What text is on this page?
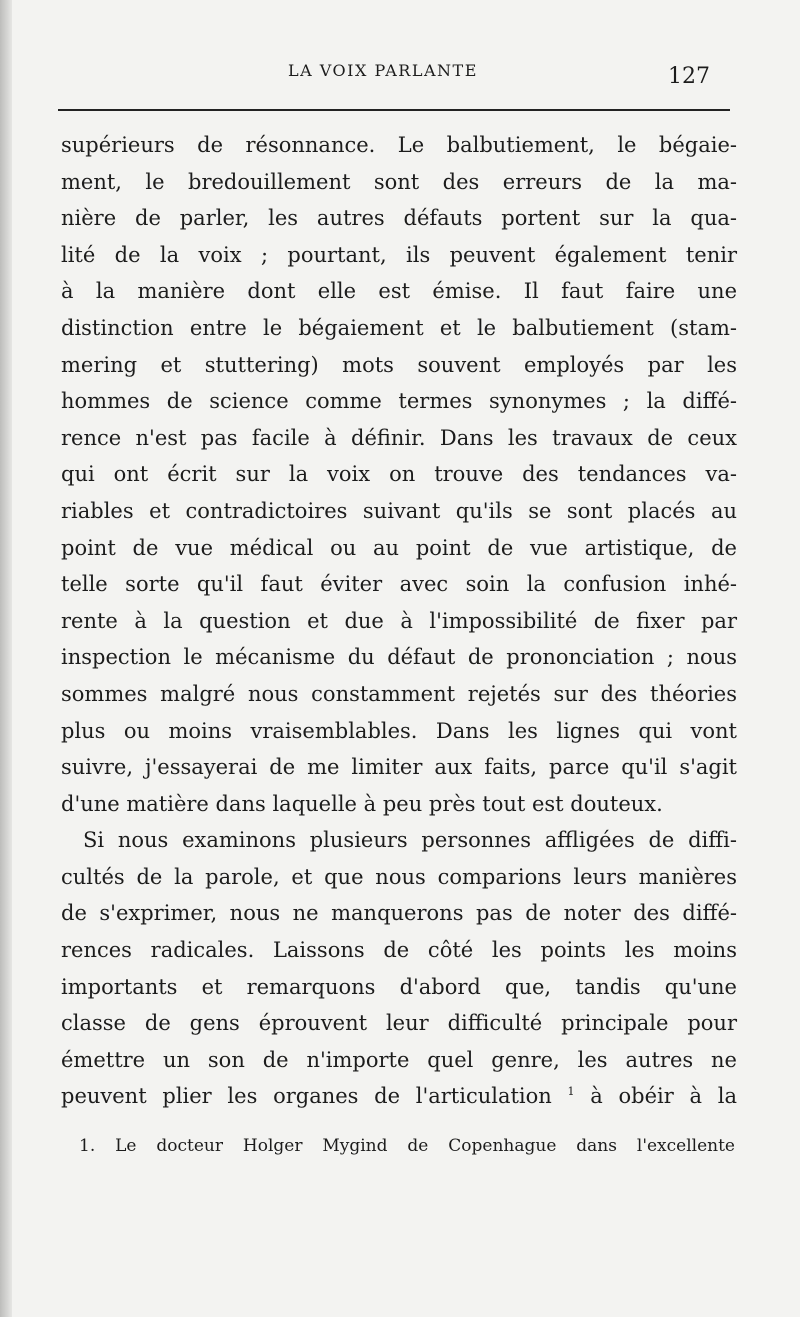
LA VOIX PARLANTE	127
supérieurs de résonnance. Le balbutiement, le bégaie-
ment, le bredouillement sont des erreurs de la ma-
nière de parler, les autres défauts portent sur la qua-
lité de la voix ; pourtant, ils peuvent également tenir
à la manière dont elle est émise. Il faut faire une
distinction entre le bégaiement et le balbutiement (stam-
mering et stuttering) mots souvent employés par les
hommes de science comme termes synonymes ; la diffé-
rence n'est pas facile à définir. Dans les travaux de ceux
qui ont écrit sur la voix on trouve des tendances va-
riables et contradictoires suivant qu'ils se sont placés au
point de vue médical ou au point de vue artistique, de
telle sorte qu'il faut éviter avec soin la confusion inhé-
rente à la question et due à l'impossibilité de fixer par
inspection le mécanisme du défaut de prononciation ; nous
sommes malgré nous constamment rejetés sur des théories
plus ou moins vraisemblables. Dans les lignes qui vont
suivre, j'essayerai de me limiter aux faits, parce qu'il s'agit
d'une matière dans laquelle à peu près tout est douteux.
Si nous examinons plusieurs personnes affligées de diffi-
cultés de la parole, et que nous comparions leurs manières
de s'exprimer, nous ne manquerons pas de noter des diffé-
rences radicales. Laissons de côté les points les moins
importants et remarquons d'abord que, tandis qu'une
classe de gens éprouvent leur difficulté principale pour
émettre un son de n'importe quel genre, les autres ne
peuvent plier les organes de l'articulation $^1$ à obéir à la
1. Le docteur Holger Mygind de Copenhague dans l'excellente
